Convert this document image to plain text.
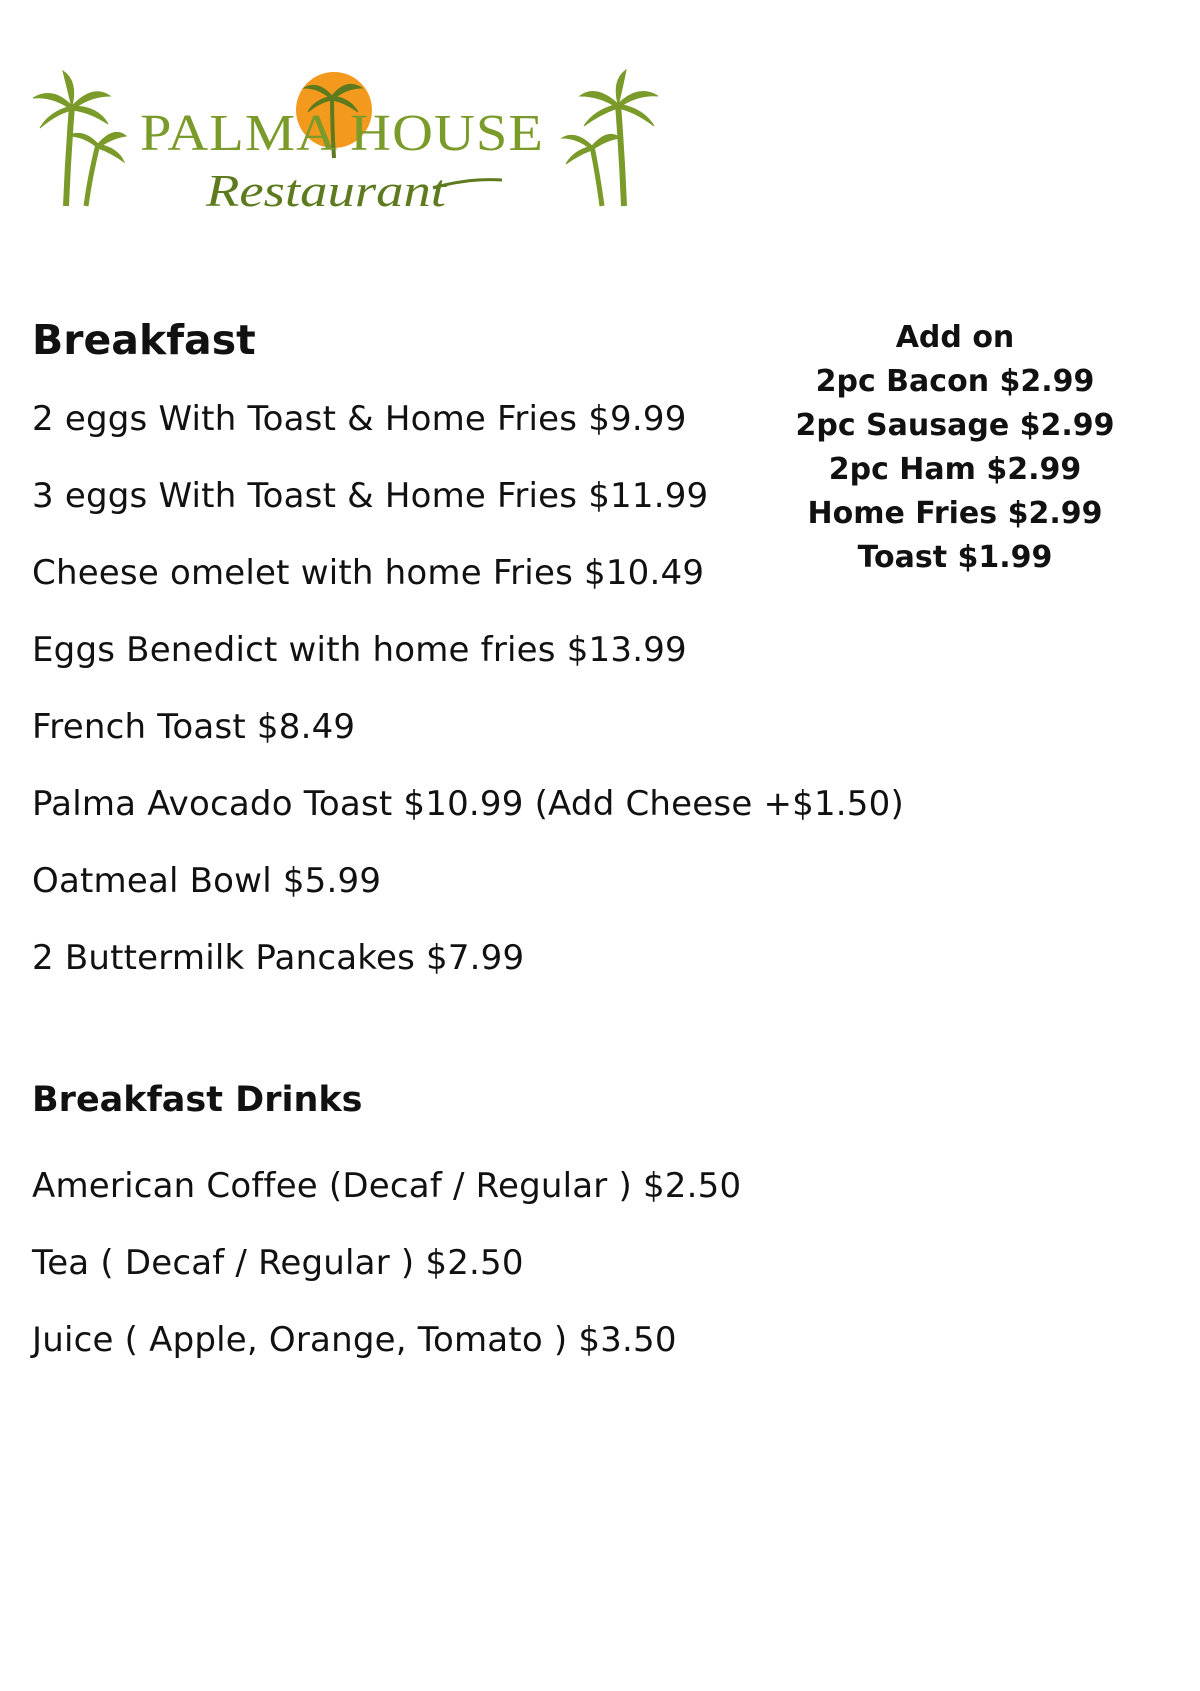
PALMA HOUSE
Restaurant
Breakfast
2 eggs With Toast & Home Fries $9.99
3 eggs With Toast & Home Fries $11.99
Cheese omelet with home Fries $10.49
Eggs Benedict with home fries $13.99
French Toast $8.49
Palma Avocado Toast $10.99 (Add Cheese +$1.50)
Oatmeal Bowl $5.99
2 Buttermilk Pancakes $7.99
Add on
2pc Bacon $2.99
2pc Sausage $2.99
2pc Ham $2.99
Home Fries $2.99
Toast $1.99
Breakfast Drinks
American Coffee (Decaf / Regular ) $2.50
Tea ( Decaf / Regular ) $2.50
Juice ( Apple, Orange, Tomato ) $3.50
